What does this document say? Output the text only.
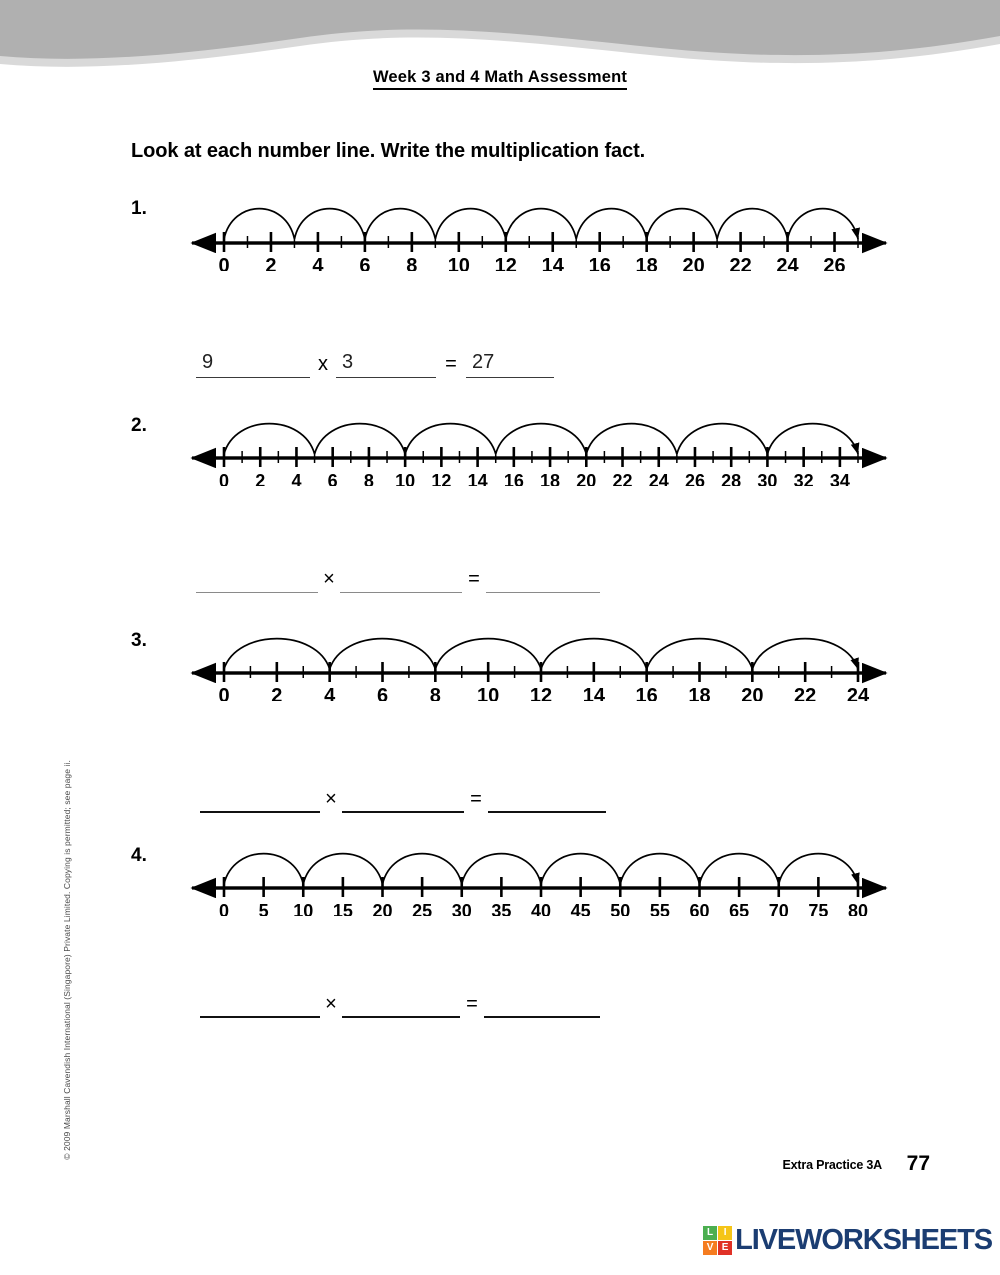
Week 3 and 4 Math Assessment
Look at each number line. Write the multiplication fact.
1.
0 2 4 6 8 10 12 14 16 18 20 22 24 26
9	x 3	= 27
2.
0 2 4 6 8 10 12 14 16 18 20 22 24 26 28 30 32 34
×	=
3.
0 2 4 6 8 10 12 14 16 18 20 22 24
×	=
4.
0 5 10 15 20 25 30 35 40 45 50 55 60 65 70 75 80
×	=
© 2009 Marshall Cavendish International (Singapore) Private Limited. Copying is permitted; see page ii.
Extra Practice 3A 77
L	I
V E LIVEWORKSHEETS
